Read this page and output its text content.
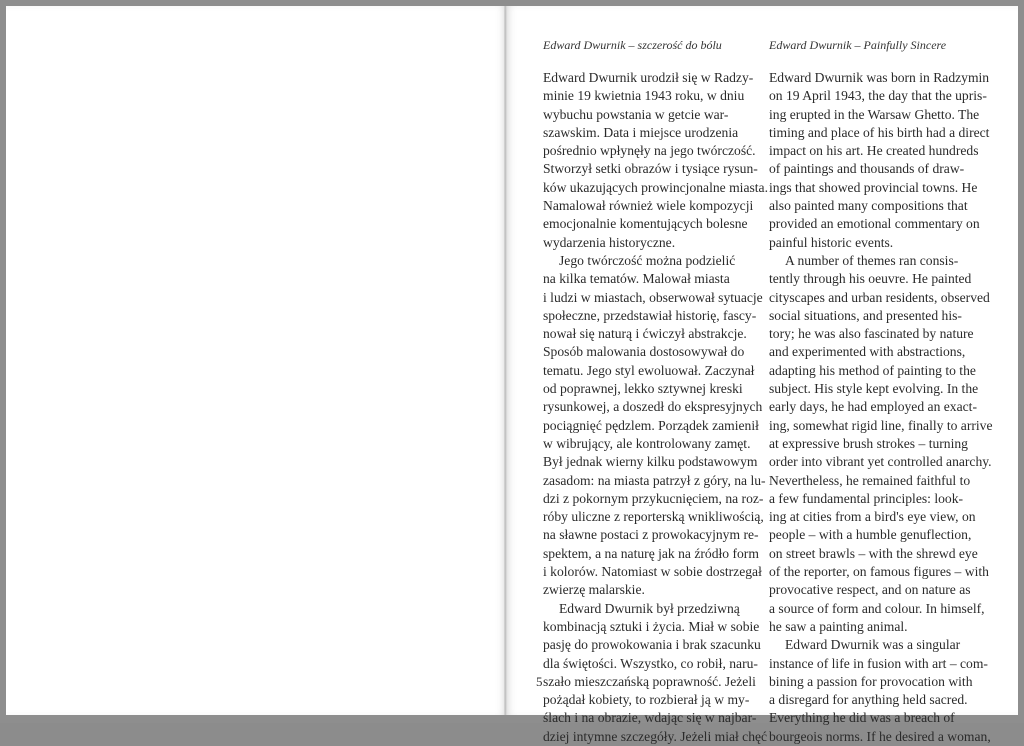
Edward Dwurnik – szczerość do bólu

Edward Dwurnik urodził się w Radzy-

minie 19 kwietnia 1943 roku, w dniu

wybuchu powstania w getcie war-

szawskim. Data i miejsce urodzenia

pośrednio wpłynęły na jego twórczość.

Stworzył setki obrazów i tysiące rysun-

ków ukazujących prowincjonalne miasta.

Namalował również wiele kompozycji

emocjonalnie komentujących bolesne

wydarzenia historyczne.

Jego twórczość można podzielić

na kilka tematów. Malował miasta

i ludzi w miastach, obserwował sytuacje

społeczne, przedstawiał historię, fascy-

nował się naturą i ćwiczył abstrakcje.

Sposób malowania dostosowywał do

tematu. Jego styl ewoluował. Zaczynał

od poprawnej, lekko sztywnej kreski

rysunkowej, a doszedł do ekspresyjnych

pociągnięć pędzlem. Porządek zamienił

w wibrujący, ale kontrolowany zamęt.

Był jednak wierny kilku podstawowym

zasadom: na miasta patrzył z góry, na lu-

dzi z pokornym przykucnięciem, na roz-

róby uliczne z reporterską wnikliwością,

na sławne postaci z prowokacyjnym re-

spektem, a na naturę jak na źródło form

i kolorów. Natomiast w sobie dostrzegał

zwierzę malarskie.

Edward Dwurnik był przedziwną

kombinacją sztuki i życia. Miał w sobie

pasję do prowokowania i brak szacunku

dla świętości. Wszystko, co robił, naru-

szało mieszczańską poprawność. Jeżeli

pożądał kobiety, to rozbierał ją w my-

ślach i na obrazie, wdając się w najbar-

dziej intymne szczegóły. Jeżeli miał chęć

Edward Dwurnik – Painfully Sincere

Edward Dwurnik was born in Radzymin

on 19 April 1943, the day that the upris-

ing erupted in the Warsaw Ghetto. The

timing and place of his birth had a direct

impact on his art. He created hundreds

of paintings and thousands of draw-

ings that showed provincial towns. He

also painted many compositions that

provided an emotional commentary on

painful historic events.

A number of themes ran consis-

tently through his oeuvre. He painted

cityscapes and urban residents, observed

social situations, and presented his-

tory; he was also fascinated by nature

and experimented with abstractions,

adapting his method of painting to the

subject. His style kept evolving. In the

early days, he had employed an exact-

ing, somewhat rigid line, finally to arrive

at expressive brush strokes – turning

order into vibrant yet controlled anarchy.

Nevertheless, he remained faithful to

a few fundamental principles: look-

ing at cities from a bird's eye view, on

people – with a humble genuflection,

on street brawls – with the shrewd eye

of the reporter, on famous figures – with

provocative respect, and on nature as

a source of form and colour. In himself,

he saw a painting animal.

Edward Dwurnik was a singular

instance of life in fusion with art – com-

bining a passion for provocation with

a disregard for anything held sacred.

Everything he did was a breach of

bourgeois norms. If he desired a woman,

5
